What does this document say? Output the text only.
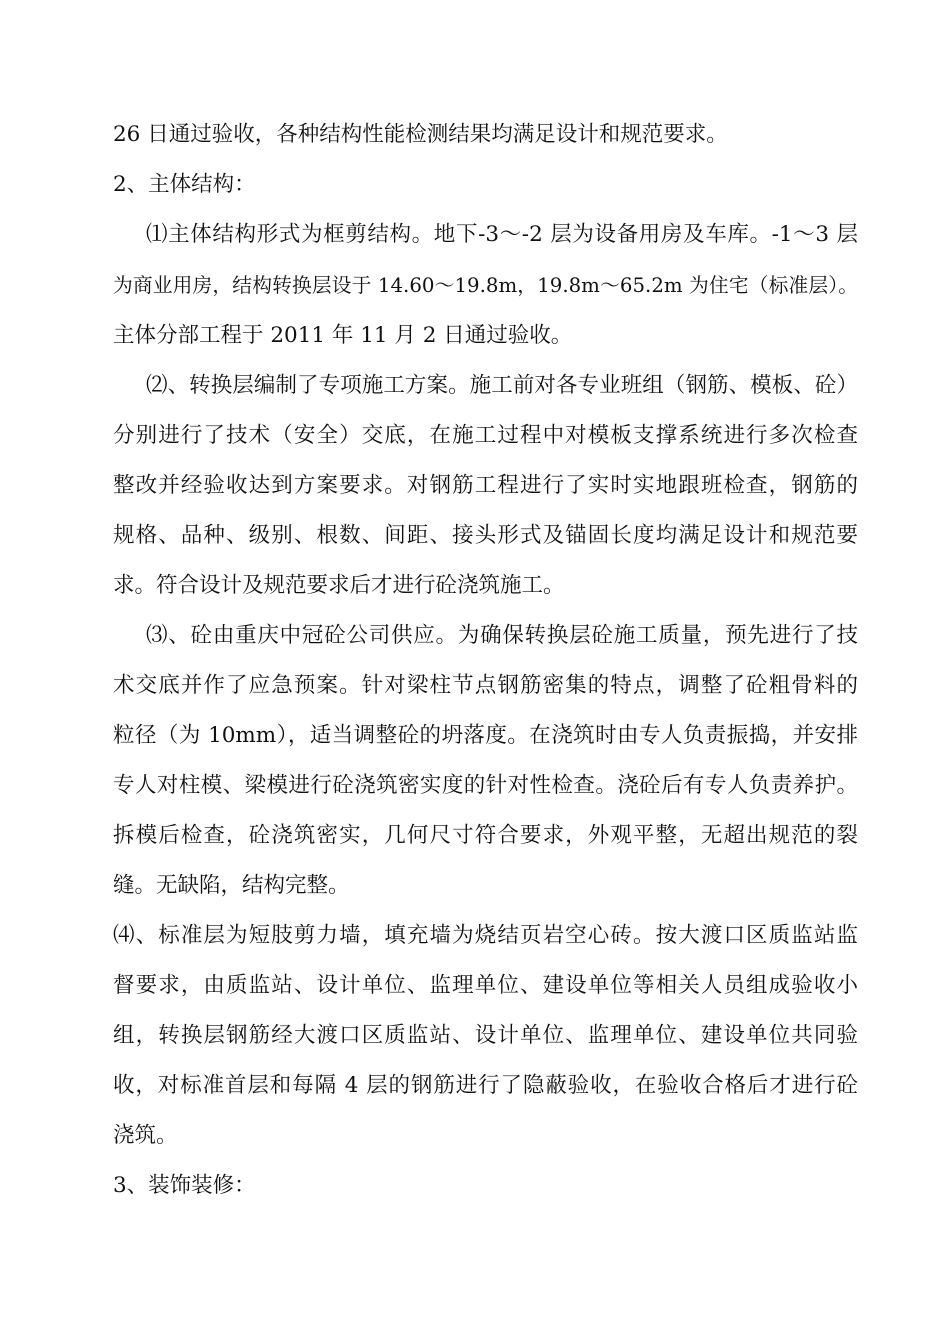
26 日通过验收，各种结构性能检测结果均满足设计和规范要求。
2、主体结构：
⑴主体结构形式为框剪结构。地下-3～-2 层为设备用房及车库。-1～3 层
为商业用房，结构转换层设于 14.60～19.8m，19.8m～65.2m 为住宅（标准层）。
主体分部工程于 2011 年 11 月 2 日通过验收。
⑵、转换层编制了专项施工方案。施工前对各专业班组（钢筋、模板、砼）
分别进行了技术（安全）交底，在施工过程中对模板支撑系统进行多次检查
整改并经验收达到方案要求。对钢筋工程进行了实时实地跟班检查，钢筋的
规格、品种、级别、根数、间距、接头形式及锚固长度均满足设计和规范要
求。符合设计及规范要求后才进行砼浇筑施工。
⑶、砼由重庆中冠砼公司供应。为确保转换层砼施工质量，预先进行了技
术交底并作了应急预案。针对梁柱节点钢筋密集的特点，调整了砼粗骨料的
粒径（为 10mm），适当调整砼的坍落度。在浇筑时由专人负责振捣，并安排
专人对柱模、梁模进行砼浇筑密实度的针对性检查。浇砼后有专人负责养护。
拆模后检查，砼浇筑密实，几何尺寸符合要求，外观平整，无超出规范的裂
缝。无缺陷，结构完整。
⑷、标准层为短肢剪力墙，填充墙为烧结页岩空心砖。按大渡口区质监站监
督要求，由质监站、设计单位、监理单位、建设单位等相关人员组成验收小
组，转换层钢筋经大渡口区质监站、设计单位、监理单位、建设单位共同验
收，对标准首层和每隔 4 层的钢筋进行了隐蔽验收，在验收合格后才进行砼
浇筑。
3、装饰装修：
